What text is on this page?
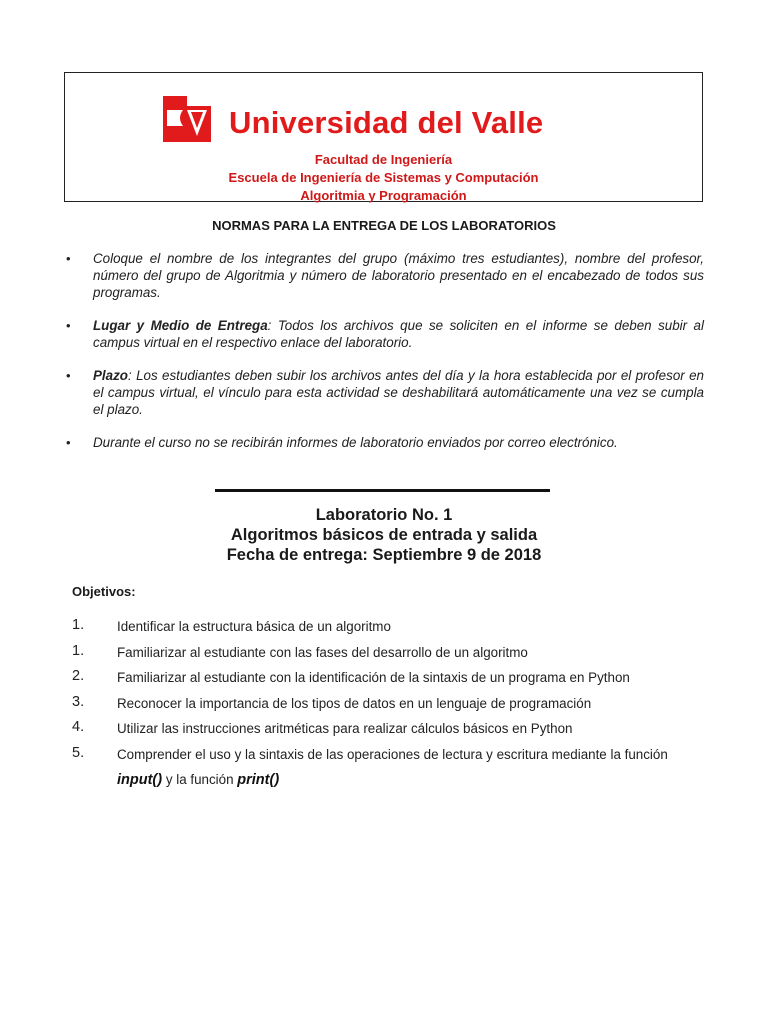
Universidad del Valle
Facultad de Ingeniería
Escuela de Ingeniería de Sistemas y Computación
Algoritmia y Programación
NORMAS PARA LA ENTREGA DE LOS LABORATORIOS
• Coloque el nombre de los integrantes del grupo (máximo tres estudiantes), nombre del profesor, número del grupo de Algoritmia y número de laboratorio presentado en el encabezado de todos sus programas.
• Lugar y Medio de Entrega: Todos los archivos que se soliciten en el informe se deben subir al campus virtual en el respectivo enlace del laboratorio.
• Plazo: Los estudiantes deben subir los archivos antes del día y la hora establecida por el profesor en el campus virtual, el vínculo para esta actividad se deshabilitará automáticamente una vez se cumpla el plazo.
• Durante el curso no se recibirán informes de laboratorio enviados por correo electrónico.
Laboratorio No. 1
Algoritmos básicos de entrada y salida
Fecha de entrega: Septiembre 9 de 2018
Objetivos:
1. Identificar la estructura básica de un algoritmo
1. Familiarizar al estudiante con las fases del desarrollo de un algoritmo
2. Familiarizar al estudiante con la identificación de la sintaxis de un programa en Python
3. Reconocer la importancia de los tipos de datos en un lenguaje de programación
4. Utilizar las instrucciones aritméticas para realizar cálculos básicos en Python
5. Comprender el uso y la sintaxis de las operaciones de lectura y escritura mediante la función
input() y la función print()
